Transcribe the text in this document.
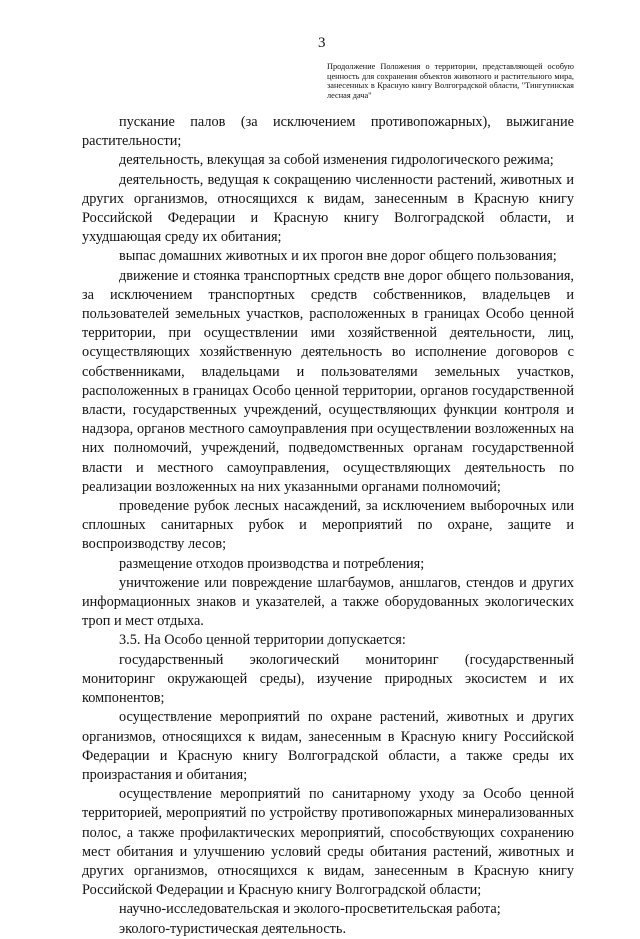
3
Продолжение Положения о территории, представляющей особую ценность для сохранения объектов животного и растительного мира, занесенных в Красную книгу Волгоградской области, "Тингутинская лесная дача"

пускание палов (за исключением противопожарных), выжигание растительности;

деятельность, влекущая за собой изменения гидрологического режима;

деятельность, ведущая к сокращению численности растений, животных и других организмов, относящихся к видам, занесенным в Красную книгу Российской Федерации и Красную книгу Волгоградской области, и ухудшающая среду их обитания;

выпас домашних животных и их прогон вне дорог общего пользования;

движение и стоянка транспортных средств вне дорог общего пользования, за исключением транспортных средств собственников, владельцев и пользователей земельных участков, расположенных в границах Особо ценной территории, при осуществлении ими хозяйственной деятельности, лиц, осуществляющих хозяйственную деятельность во исполнение договоров с собственниками, владельцами и пользователями земельных участков, расположенных в границах Особо ценной территории, органов государственной власти, государственных учреждений, осуществляющих функции контроля и надзора, органов местного самоуправления при осуществлении возложенных на них полномочий, учреждений, подведомственных органам государственной власти и местного самоуправления, осуществляющих деятельность по реализации возложенных на них указанными органами полномочий;

проведение рубок лесных насаждений, за исключением выборочных или сплошных санитарных рубок и мероприятий по охране, защите и воспроизводству лесов;

размещение отходов производства и потребления;

уничтожение или повреждение шлагбаумов, аншлагов, стендов и других информационных знаков и указателей, а также оборудованных экологических троп и мест отдыха.

3.5. На Особо ценной территории допускается:

государственный экологический мониторинг (государственный мониторинг окружающей среды), изучение природных экосистем и их компонентов;

осуществление мероприятий по охране растений, животных и других организмов, относящихся к видам, занесенным в Красную книгу Российской Федерации и Красную книгу Волгоградской области, а также среды их произрастания и обитания;

осуществление мероприятий по санитарному уходу за Особо ценной территорией, мероприятий по устройству противопожарных минерализованных полос, а также профилактических мероприятий, способствующих сохранению мест обитания и улучшению условий среды обитания растений, животных и других организмов, относящихся к видам, занесенным в Красную книгу Российской Федерации и Красную книгу Волгоградской области;

научно-исследовательская и эколого-просветительская работа;

эколого-туристическая деятельность.
